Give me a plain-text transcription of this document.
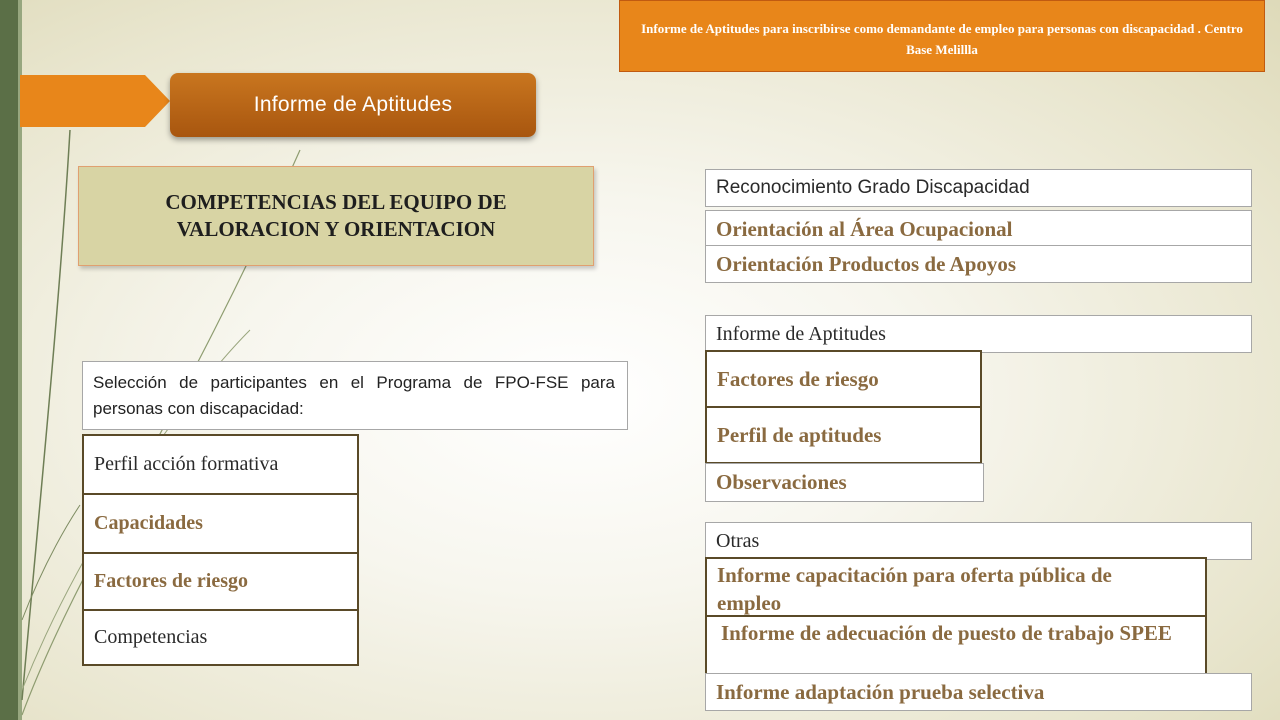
Informe de Aptitudes
Informe de Aptitudes para inscribirse como demandante de empleo para personas con discapacidad . Centro Base Melillla
COMPETENCIAS DEL EQUIPO DE VALORACION Y ORIENTACION
Selección de participantes en el Programa de FPO-FSE para personas con discapacidad:
Perfil acción formativa
Capacidades
Factores de riesgo
Competencias
Reconocimiento Grado Discapacidad
Orientación al Área Ocupacional
Orientación Productos de Apoyos
Informe de Aptitudes
Factores de riesgo
Perfil de aptitudes
Observaciones
Otras
Informe capacitación para oferta pública de empleo
Informe de adecuación de puesto de trabajo SPEE
Informe adaptación prueba selectiva
